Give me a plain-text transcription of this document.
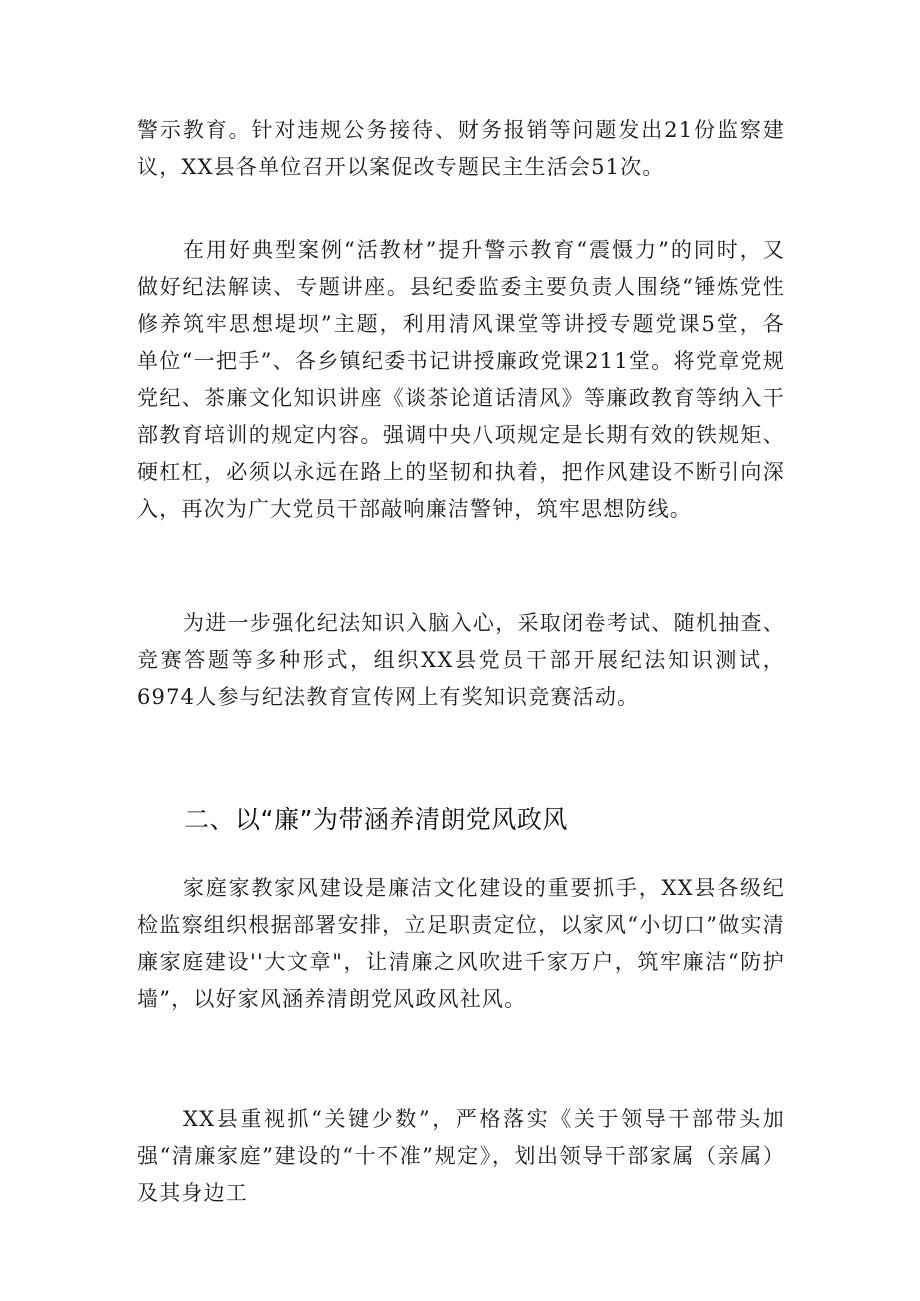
警示教育。针对违规公务接待、财务报销等问题发出21份监察建议，XX县各单位召开以案促改专题民主生活会51次。

在用好典型案例“活教材”提升警示教育“震慑力”的同时，又做好纪法解读、专题讲座。县纪委监委主要负责人围绕“锤炼党性修养筑牢思想堤坝”主题，利用清风课堂等讲授专题党课5堂，各单位“一把手”、各乡镇纪委书记讲授廉政党课211堂。将党章党规党纪、茶廉文化知识讲座《谈茶论道话清风》等廉政教育等纳入干部教育培训的规定内容。强调中央八项规定是长期有效的铁规矩、硬杠杠，必须以永远在路上的坚韧和执着，把作风建设不断引向深入，再次为广大党员干部敲响廉洁警钟，筑牢思想防线。

为进一步强化纪法知识入脑入心，采取闭卷考试、随机抽查、竞赛答题等多种形式，组织XX县党员干部开展纪法知识测试，6974人参与纪法教育宣传网上有奖知识竞赛活动。

二、以“廉”为带涵养清朗党风政风

家庭家教家风建设是廉洁文化建设的重要抓手，XX县各级纪检监察组织根据部署安排，立足职责定位，以家风“小切口”做实清廉家庭建设''大文章"，让清廉之风吹进千家万户，筑牢廉洁“防护墙”，以好家风涵养清朗党风政风社风。

XX县重视抓“关键少数”，严格落实《关于领导干部带头加强“清廉家庭”建设的“十不准”规定》，划出领导干部家属（亲属）及其身边工
